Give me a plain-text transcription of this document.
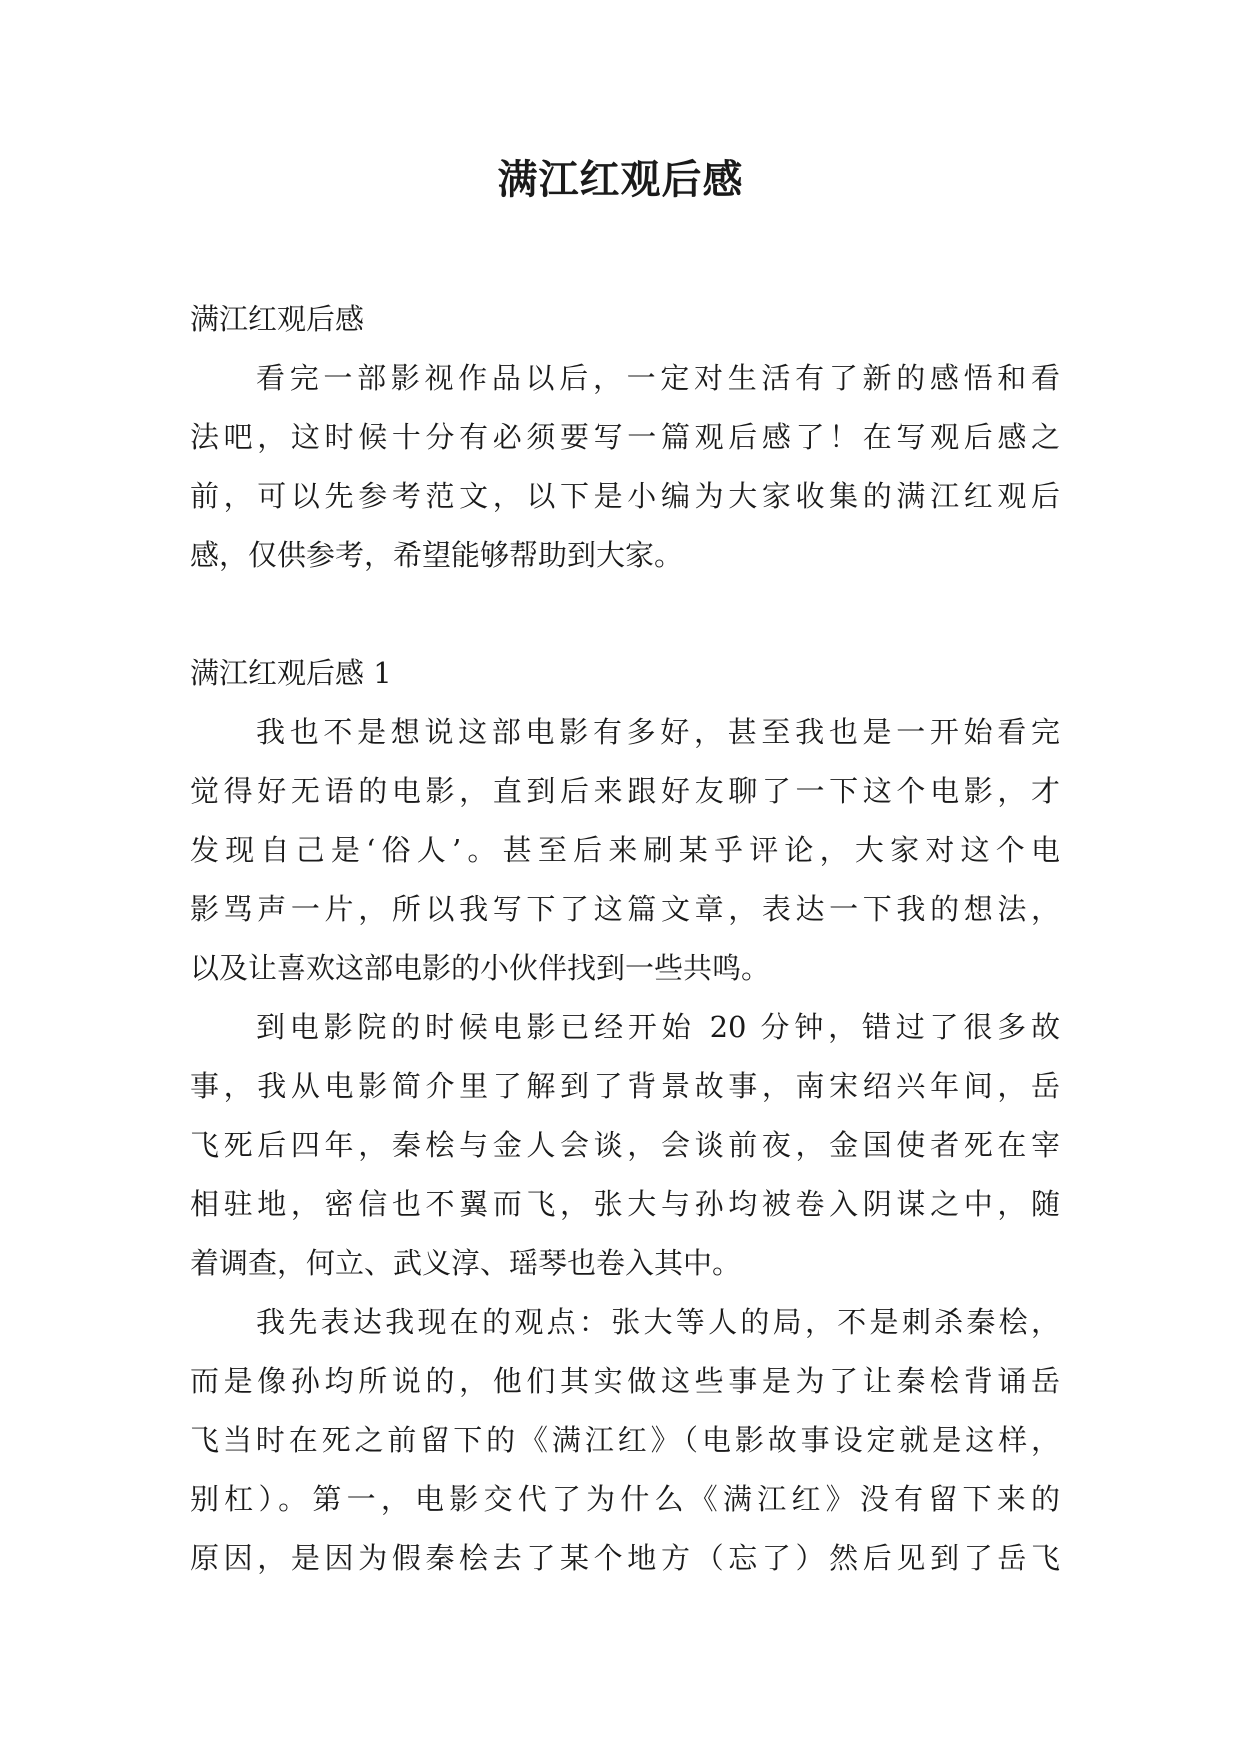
满江红观后感
满江红观后感
看完一部影视作品以后，一定对生活有了新的感悟和看
法吧，这时候十分有必须要写一篇观后感了！在写观后感之
前，可以先参考范文，以下是小编为大家收集的满江红观后
感，仅供参考，希望能够帮助到大家。
满江红观后感 1
我也不是想说这部电影有多好，甚至我也是一开始看完
觉得好无语的电影，直到后来跟好友聊了一下这个电影，才
发现自己是‘俗人’。甚至后来刷某乎评论，大家对这个电
影骂声一片，所以我写下了这篇文章，表达一下我的想法，
以及让喜欢这部电影的小伙伴找到一些共鸣。
到电影院的时候电影已经开始 20 分钟，错过了很多故
事，我从电影简介里了解到了背景故事，南宋绍兴年间，岳
飞死后四年，秦桧与金人会谈，会谈前夜，金国使者死在宰
相驻地，密信也不翼而飞，张大与孙均被卷入阴谋之中，随
着调查，何立、武义淳、瑶琴也卷入其中。
我先表达我现在的观点：张大等人的局，不是刺杀秦桧，
而是像孙均所说的，他们其实做这些事是为了让秦桧背诵岳
飞当时在死之前留下的《满江红》（电影故事设定就是这样，
别杠）。第一，电影交代了为什么《满江红》没有留下来的
原因，是因为假秦桧去了某个地方（忘了）然后见到了岳飞
